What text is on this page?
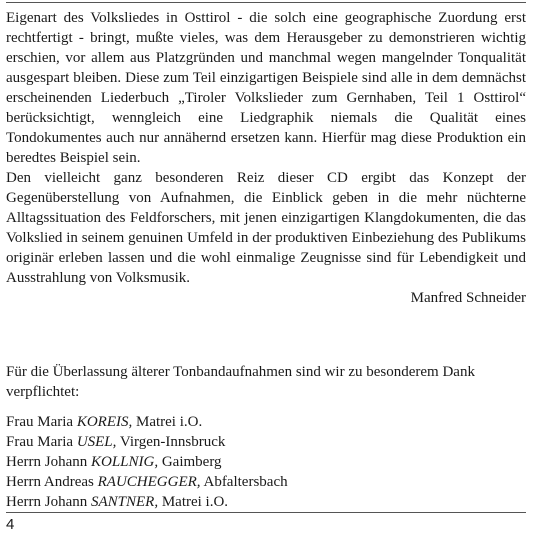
Eigenart des Volksliedes in Osttirol - die solch eine geographische Zuordung erst rechtfertigt - bringt, mußte vieles, was dem Herausgeber zu demonstrieren wichtig erschien, vor allem aus Platzgründen und manchmal wegen mangelnder Tonqualität ausgespart bleiben. Diese zum Teil einzigartigen Beispiele sind alle in dem demnächst erscheinenden Liederbuch „Tiroler Volkslieder zum Gernhaben, Teil 1 Osttirol“ berücksichtigt, wenngleich eine Liedgraphik niemals die Qualität eines Tondokumentes auch nur annähernd ersetzen kann. Hierfür mag diese Produktion ein beredtes Beispiel sein.

Den vielleicht ganz besonderen Reiz dieser CD ergibt das Konzept der Gegenüberstellung von Aufnahmen, die Einblick geben in die mehr nüchterne Alltagssituation des Feldforschers, mit jenen einzigartigen Klangdokumenten, die das Volkslied in seinem genuinen Umfeld in der produktiven Einbeziehung des Publikums originär erleben lassen und die wohl einmalige Zeugnisse sind für Lebendigkeit und Ausstrahlung von Volksmusik.

Manfred Schneider

Für die Überlassung älterer Tonbandaufnahmen sind wir zu besonderem Dank verpflichtet:

Frau Maria KOREIS, Matrei i.O.
Frau Maria USEL, Virgen-Innsbruck
Herrn Johann KOLLNIG, Gaimberg
Herrn Andreas RAUCHEGGER, Abfaltersbach
Herrn Johann SANTNER, Matrei i.O.
4
